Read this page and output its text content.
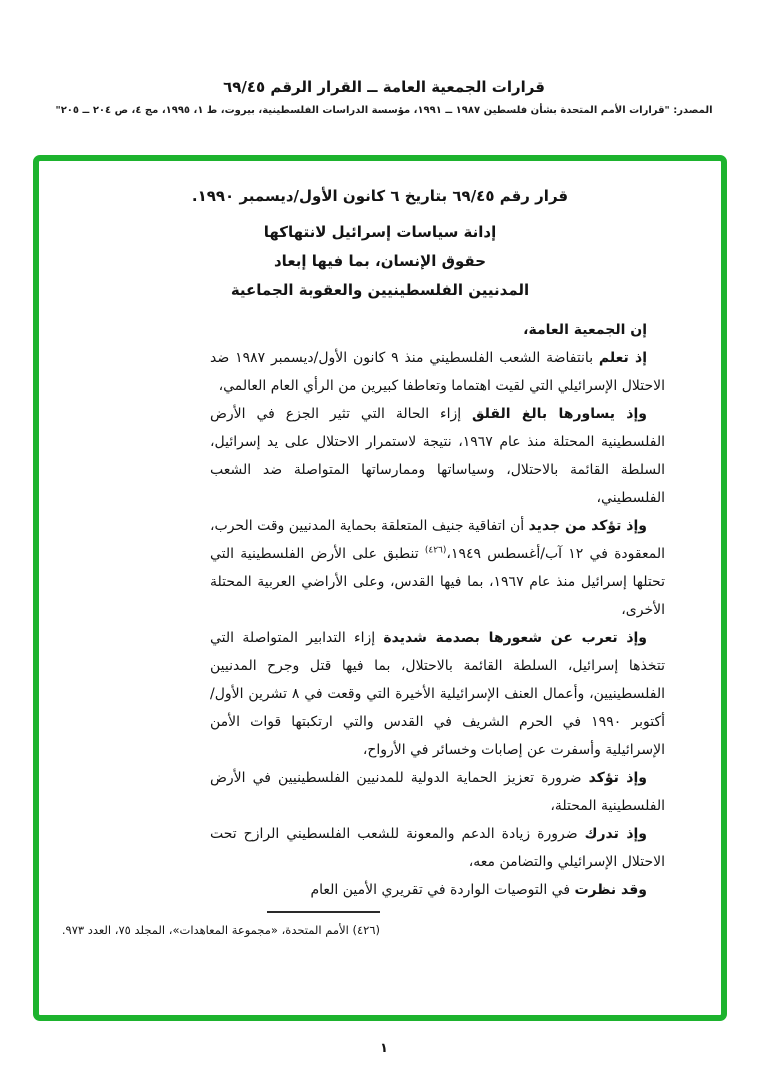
قرارات الجمعية العامة ــ القرار الرقم ٦٩/٤٥
المصدر: "قرارات الأمم المتحدة بشأن فلسطين ١٩٨٧ ــ ١٩٩١، مؤسسة الدراسات الفلسطينية، بيروت، ط ١، ١٩٩٥، مج ٤، ص ٢٠٤ ــ ٢٠٥"
قرار رقم ٦٩/٤٥ بتاريخ ٦ كانون الأول/ديسمبر ١٩٩٠.
إدانة سياسات إسرائيل لانتهاكها
حقوق الإنسان، بما فيها إبعاد
المدنيين الفلسطينيين والعقوبة الجماعية

إن الجمعية العامة،

إذ تعلم بانتفاضة الشعب الفلسطيني منذ ٩ كانون الأول/ديسمبر ١٩٨٧ ضد الاحتلال الإسرائيلي التي لقيت اهتماما وتعاطفا كبيرين من الرأي العام العالمي،

وإذ يساورها بالغ القلق إزاء الحالة التي تثير الجزع في الأرض الفلسطينية المحتلة منذ عام ١٩٦٧، نتيجة لاستمرار الاحتلال على يد إسرائيل، السلطة القائمة بالاحتلال، وسياساتها وممارساتها المتواصلة ضد الشعب الفلسطيني،

وإذ تؤكد من جديد أن اتفاقية جنيف المتعلقة بحماية المدنيين وقت الحرب، المعقودة في ١٢ آب/أغسطس ١٩٤٩،$^{(٤٢٦)}$ تنطبق على الأرض الفلسطينية التي تحتلها إسرائيل منذ عام ١٩٦٧، بما فيها القدس، وعلى الأراضي العربية المحتلة الأخرى،

وإذ تعرب عن شعورها بصدمة شديدة إزاء التدابير المتواصلة التي تتخذها إسرائيل، السلطة القائمة بالاحتلال، بما فيها قتل وجرح المدنيين الفلسطينيين، وأعمال العنف الإسرائيلية الأخيرة التي وقعت في ٨ تشرين الأول/أكتوبر ١٩٩٠ في الحرم الشريف في القدس والتي ارتكبتها قوات الأمن الإسرائيلية وأسفرت عن إصابات وخسائر في الأرواح،

وإذ تؤكد ضرورة تعزيز الحماية الدولية للمدنيين الفلسطينيين في الأرض الفلسطينية المحتلة،

وإذ تدرك ضرورة زيادة الدعم والمعونة للشعب الفلسطيني الرازح تحت الاحتلال الإسرائيلي والتضامن معه،

وقد نظرت في التوصيات الواردة في تقريري الأمين العام

(٤٢٦) الأمم المتحدة، «مجموعة المعاهدات»، المجلد ٧٥، العدد ٩٧٣.
١
